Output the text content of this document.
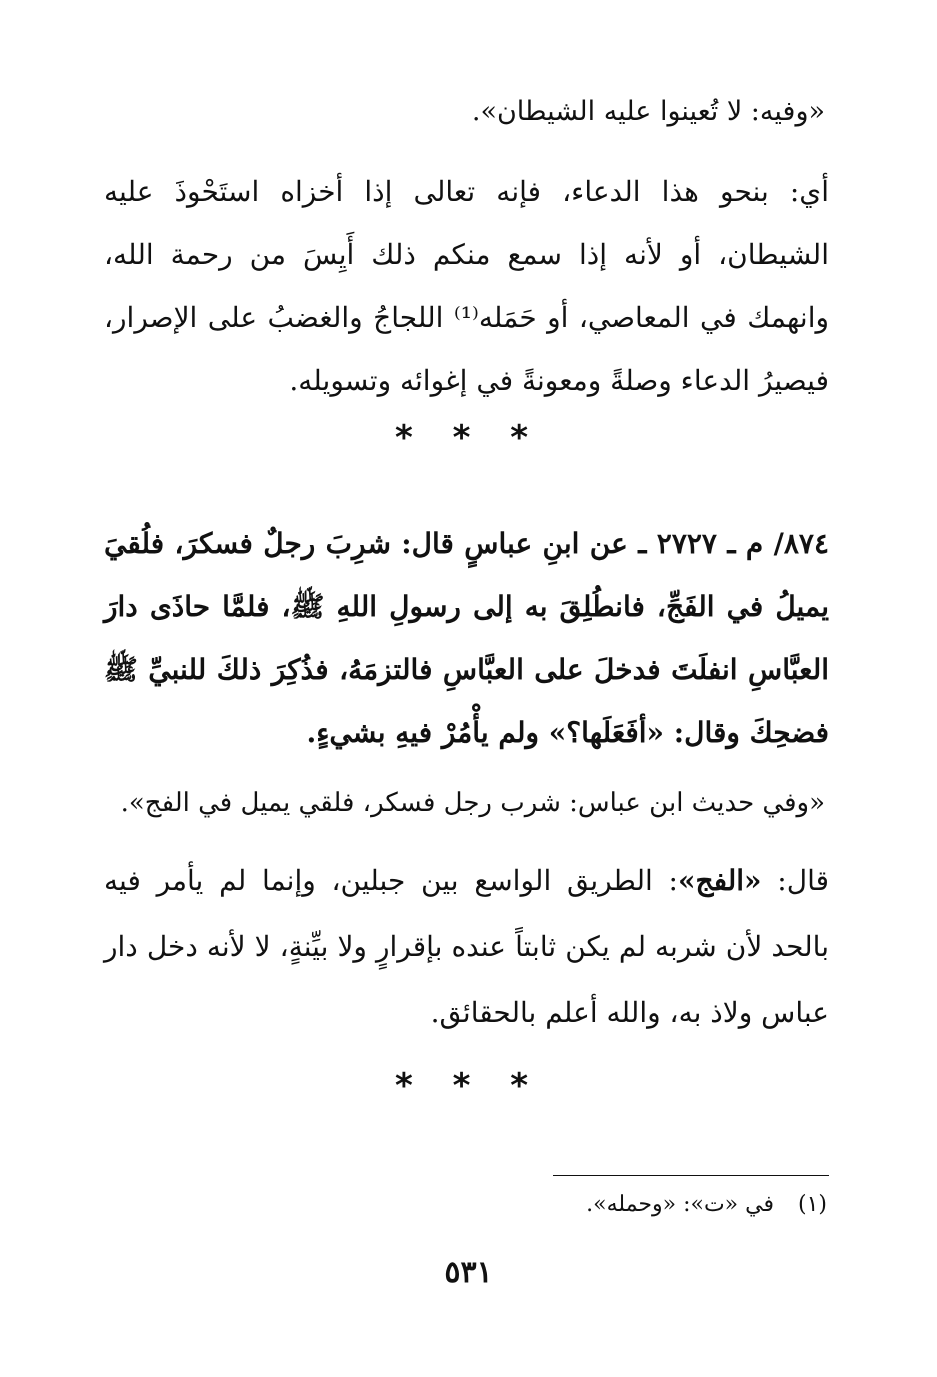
«وفيه: لا تُعينوا عليه الشيطان».
أي: بنحو هذا الدعاء، فإنه تعالى إذا أخزاه استَحْوذَ عليه الشيطان، أو لأنه إذا سمع منكم ذلك أَيِسَ من رحمة الله، وانهمك في المعاصي، أو حَمَله⁽¹⁾ اللجاجُ والغضبُ على الإصرار، فيصيرُ الدعاء وصلةً ومعونةً في إغوائه وتسويله.
* * *
٨٧٤/ م ـ ٢٧٢٧ ـ عن ابنِ عباسٍ قال: شرِبَ رجلٌ فسكرَ، فلُقيَ يميلُ في الفَجِّ، فانطُلِقَ به إلى رسولِ اللهِ ﷺ، فلمَّا حاذَى دارَ العبَّاسِ انفلَتَ فدخلَ على العبَّاسِ فالتزمَهُ، فذُكِرَ ذلكَ للنبيِّ ﷺ فضحِكَ وقال: «أفَعَلَها؟» ولم يأْمُرْ فيهِ بشيءٍ.
«وفي حديث ابن عباس: شرب رجل فسكر، فلقي يميل في الفج».
قال: «الفج»: الطريق الواسع بين جبلين، وإنما لم يأمر فيه بالحد لأن شربه لم يكن ثابتاً عنده بإقرارٍ ولا بيِّنةٍ، لا لأنه دخل دار عباس ولاذ به، والله أعلم بالحقائق.
* * *
(١)في «ت»: «وحمله».
٥٣١
